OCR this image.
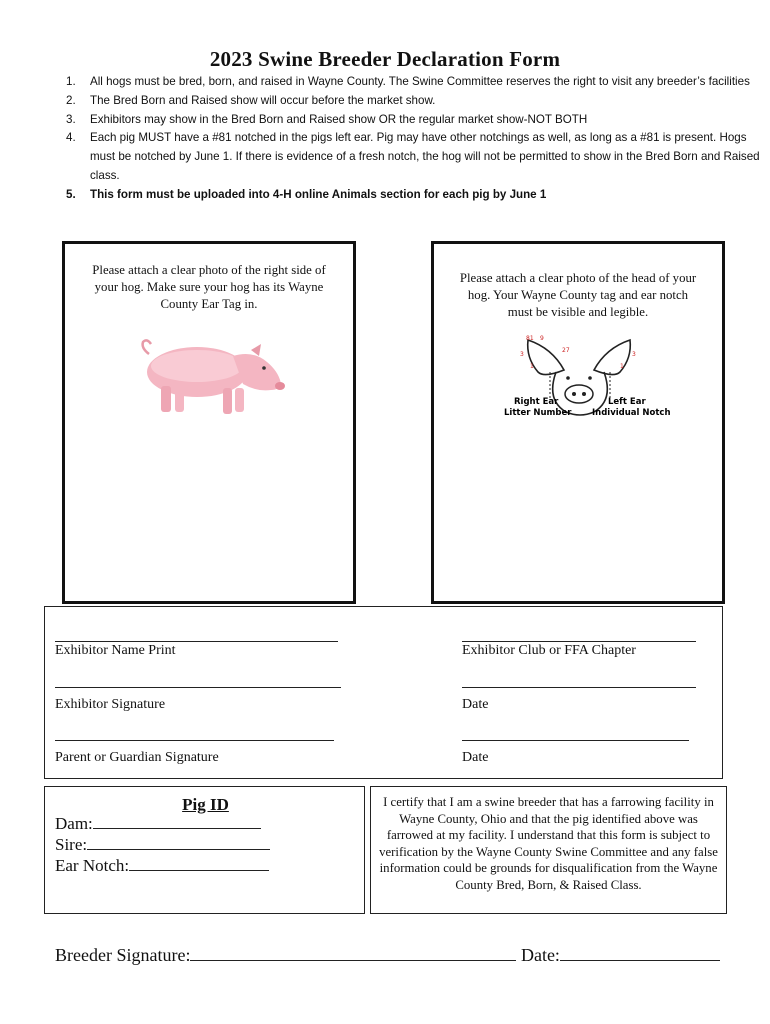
2023 Swine Breeder Declaration Form
All hogs must be bred, born, and raised in Wayne County. The Swine Committee reserves the right to visit any breeder’s facilities
The Bred Born and Raised show will occur before the market show.
Exhibitors may show in the Bred Born and Raised show OR the regular market show-NOT BOTH
Each pig MUST have a #81 notched in the pigs left ear. Pig may have other notchings as well, as long as a #81 is present. Hogs must be notched by June 1. If there is evidence of a fresh notch, the hog will not be permitted to show in the Bred Born and Raised class.
This form must be uploaded into 4-H online Animals section for each pig by June 1
Please attach a clear photo of the right side of your hog. Make sure your hog has its Wayne County Ear Tag in.
Please attach a clear photo of the head of your hog. Your Wayne County tag and ear notch must be visible and legible.
81 9
27
3
1
3
1
Right Ear
Litter Number
Left Ear
Individual Notch
Exhibitor Name Print	Exhibitor Club or FFA Chapter
Exhibitor Signature	Date
Parent or Guardian Signature	Date
Pig ID
Dam:
Sire:
Ear Notch:
I certify that I am a swine breeder that has a farrowing facility in Wayne County, Ohio and that the pig identified above was farrowed at my facility. I understand that this form is subject to verification by the Wayne County Swine Committee and any false information could be grounds for disqualification from the Wayne County Bred, Born, & Raised Class.
Breeder Signature:	Date:
